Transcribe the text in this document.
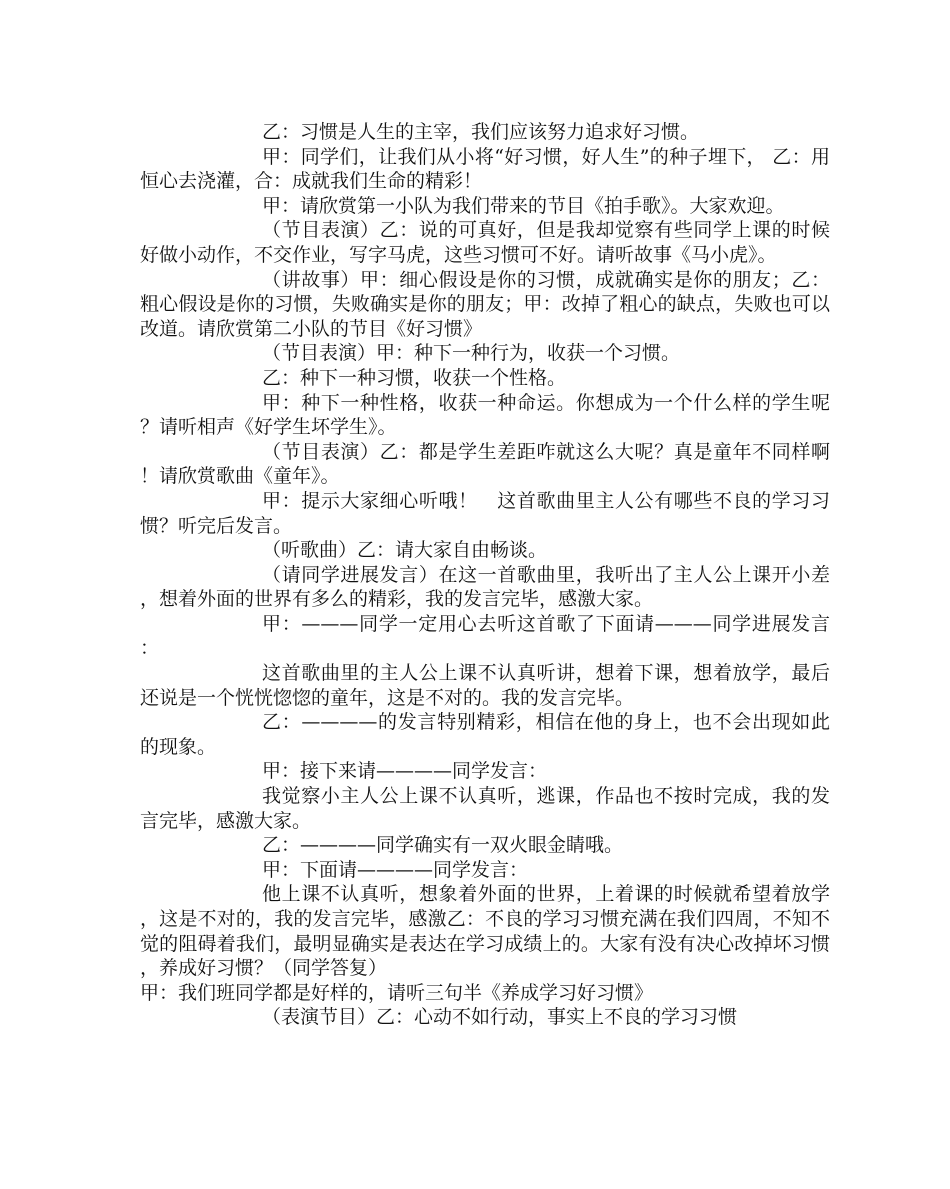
乙：习惯是人生的主宰，我们应该努力追求好习惯。

甲：同学们，让我们从小将“好习惯，好人生”的种子埋下， 乙：用恒心去浇灌，合：成就我们生命的精彩！

甲：请欣赏第一小队为我们带来的节目《拍手歌》。大家欢迎。

（节目表演）乙：说的可真好，但是我却觉察有些同学上课的时候好做小动作，不交作业，写字马虎，这些习惯可不好。请听故事《马小虎》。

（讲故事）甲：细心假设是你的习惯，成就确实是你的朋友；乙：粗心假设是你的习惯，失败确实是你的朋友；甲：改掉了粗心的缺点，失败也可以改道。请欣赏第二小队的节目《好习惯》

（节目表演）甲：种下一种行为，收获一个习惯。

乙：种下一种习惯，收获一个性格。

甲：种下一种性格，收获一种命运。你想成为一个什么样的学生呢？请听相声《好学生坏学生》。

（节目表演）乙：都是学生差距咋就这么大呢？真是童年不同样啊！请欣赏歌曲《童年》。

甲：提示大家细心听哦！　这首歌曲里主人公有哪些不良的学习习惯？听完后发言。

（听歌曲）乙：请大家自由畅谈。

（请同学进展发言）在这一首歌曲里，我听出了主人公上课开小差，想着外面的世界有多么的精彩，我的发言完毕，感激大家。

甲：———同学一定用心去听这首歌了下面请———同学进展发言：

这首歌曲里的主人公上课不认真听讲，想着下课，想着放学，最后还说是一个恍恍惚惚的童年，这是不对的。我的发言完毕。

乙：————的发言特别精彩，相信在他的身上，也不会出现如此的现象。

甲：接下来请————同学发言：

我觉察小主人公上课不认真听，逃课，作品也不按时完成，我的发言完毕，感激大家。

乙：————同学确实有一双火眼金睛哦。

甲：下面请————同学发言：

他上课不认真听，想象着外面的世界，上着课的时候就希望着放学，这是不对的，我的发言完毕，感激乙：不良的学习习惯充满在我们四周，不知不觉的阻碍着我们，最明显确实是表达在学习成绩上的。大家有没有决心改掉坏习惯，养成好习惯？（同学答复）

甲：我们班同学都是好样的，请听三句半《养成学习好习惯》

（表演节目）乙：心动不如行动，事实上不良的学习习惯
